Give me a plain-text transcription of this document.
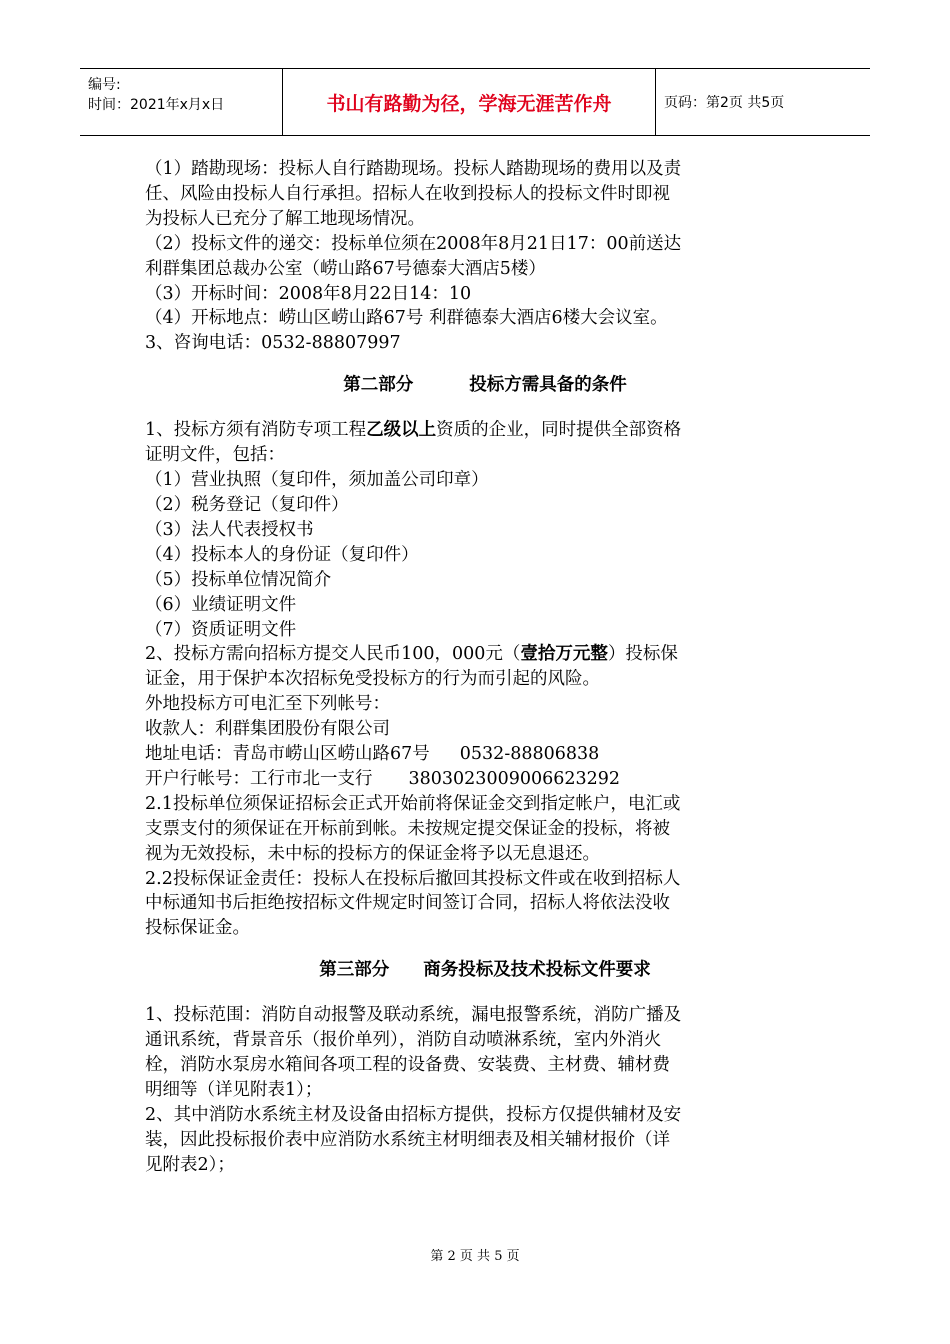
编号:
时间：2021年x月x日	书山有路勤为径，学海无涯苦作舟	页码：第2页 共5页
（1）踏勘现场：投标人自行踏勘现场。投标人踏勘现场的费用以及责
任、风险由投标人自行承担。招标人在收到投标人的投标文件时即视
为投标人已充分了解工地现场情况。
（2）投标文件的递交：投标单位须在2008年8月21日17：00前送达
利群集团总裁办公室（崂山路67号德泰大酒店5楼）
（3）开标时间：2008年8月22日14：10
（4）开标地点：崂山区崂山路67号 利群德泰大酒店6楼大会议室。
3、咨询电话：0532-88807997
第二部分	投标方需具备的条件
1、投标方须有消防专项工程乙级以上资质的企业，同时提供全部资格
证明文件，包括：
（1）营业执照（复印件，须加盖公司印章）
（2）税务登记（复印件）
（3）法人代表授权书
（4）投标本人的身份证（复印件）
（5）投标单位情况简介
（6）业绩证明文件
（7）资质证明文件
2、投标方需向招标方提交人民币100，000元（壹拾万元整）投标保
证金，用于保护本次招标免受投标方的行为而引起的风险。
外地投标方可电汇至下列帐号：
收款人：利群集团股份有限公司
地址电话：青岛市崂山区崂山路67号 0532-88806838
开户行帐号：工行市北一支行 3803023009006623292
2.1投标单位须保证招标会正式开始前将保证金交到指定帐户，电汇或
支票支付的须保证在开标前到帐。未按规定提交保证金的投标，将被
视为无效投标，未中标的投标方的保证金将予以无息退还。
2.2投标保证金责任：投标人在投标后撤回其投标文件或在收到招标人
中标通知书后拒绝按招标文件规定时间签订合同，招标人将依法没收
投标保证金。
第三部分 商务投标及技术投标文件要求
1、投标范围：消防自动报警及联动系统，漏电报警系统，消防广播及
通讯系统，背景音乐（报价单列），消防自动喷淋系统，室内外消火
栓，消防水泵房水箱间各项工程的设备费、安装费、主材费、辅材费
明细等（详见附表1）；
2、其中消防水系统主材及设备由招标方提供，投标方仅提供辅材及安
装，因此投标报价表中应消防水系统主材明细表及相关辅材报价（详
见附表2）；
第 2 页 共 5 页
